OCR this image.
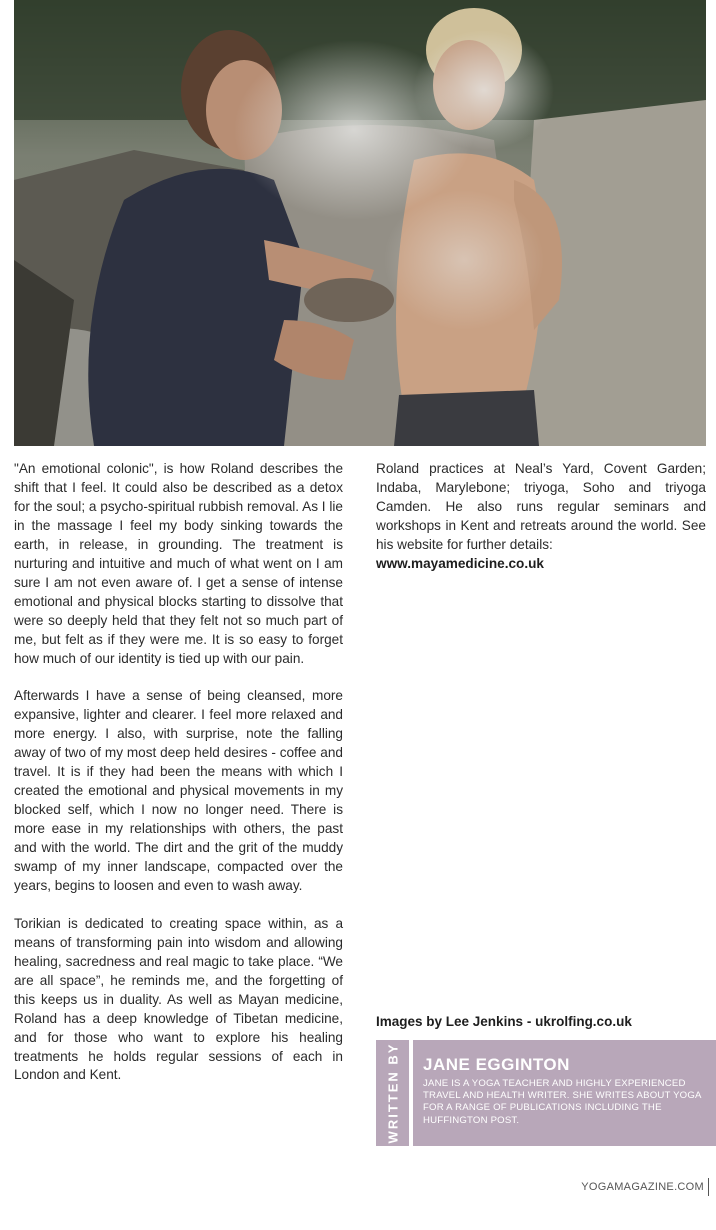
"An emotional colonic", is how Roland describes the shift that I feel. It could also be described as a detox for the soul; a psycho-spiritual rubbish removal. As I lie in the massage I feel my body sinking towards the earth, in release, in grounding. The treatment is nurturing and intuitive and much of what went on I am sure I am not even aware of. I get a sense of intense emotional and physical blocks starting to dissolve that were so deeply held that they felt not so much part of me, but felt as if they were me. It is so easy to forget how much of our identity is tied up with our pain.

Afterwards I have a sense of being cleansed, more expansive, lighter and clearer. I feel more relaxed and more energy. I also, with surprise, note the falling away of two of my most deep held desires - coffee and travel. It is if they had been the means with which I created the emotional and physical movements in my blocked self, which I now no longer need. There is more ease in my relationships with others, the past and with the world. The dirt and the grit of the muddy swamp of my inner landscape, compacted over the years, begins to loosen and even to wash away.

Torikian is dedicated to creating space within, as a means of transforming pain into wisdom and allowing healing, sacredness and real magic to take place. “We are all space”, he reminds me, and the forgetting of this keeps us in duality. As well as Mayan medicine, Roland has a deep knowledge of Tibetan medicine, and for those who want to explore his healing treatments he holds regular sessions of each in London and Kent.

Roland practices at Neal’s Yard, Covent Garden; Indaba, Marylebone; triyoga, Soho and triyoga Camden. He also runs regular seminars and workshops in Kent and retreats around the world. See his website for further details:

www.mayamedicine.co.uk
Images by Lee Jenkins - ukrolfing.co.uk
WRITTEN BY JANE EGGINTON
JANE IS A YOGA TEACHER AND HIGHLY EXPERIENCED TRAVEL AND HEALTH WRITER. SHE WRITES ABOUT YOGA FOR A RANGE OF PUBLICATIONS INCLUDING THE HUFFINGTON POST.
YOGAMAGAZINE.COM
